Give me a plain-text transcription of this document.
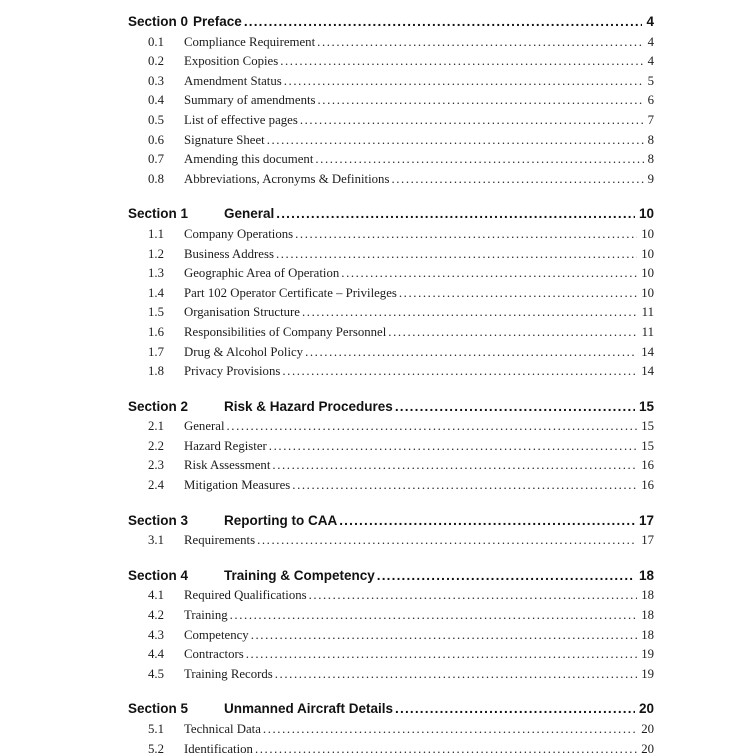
Section 0 Preface .....	4
0.1	Compliance Requirement .....	4
0.2	Exposition Copies .....	4
0.3	Amendment Status .....	5
0.4	Summary of amendments .....	6
0.5	List of effective pages .....	7
0.6	Signature Sheet .....	8
0.7	Amending this document .....	8
0.8	Abbreviations, Acronyms & Definitions .....	9
Section 1	General .....	10
1.1	Company Operations .....	10
1.2	Business Address .....	10
1.3	Geographic Area of Operation .....	10
1.4	Part 102 Operator Certificate – Privileges .....	10
1.5	Organisation Structure .....	11
1.6	Responsibilities of Company Personnel .....	11
1.7	Drug & Alcohol Policy .....	14
1.8	Privacy Provisions .....	14
Section 2	Risk & Hazard Procedures .....	15
2.1	General .....	15
2.2	Hazard Register .....	15
2.3	Risk Assessment .....	16
2.4	Mitigation Measures .....	16
Section 3	Reporting to CAA .....	17
3.1	Requirements .....	17
Section 4	Training & Competency .....	18
4.1	Required Qualifications .....	18
4.2	Training .....	18
4.3	Competency .....	18
4.4	Contractors .....	19
4.5	Training Records .....	19
Section 5	Unmanned Aircraft Details .....	20
5.1	Technical Data .....	20
5.2	Identification .....	20
